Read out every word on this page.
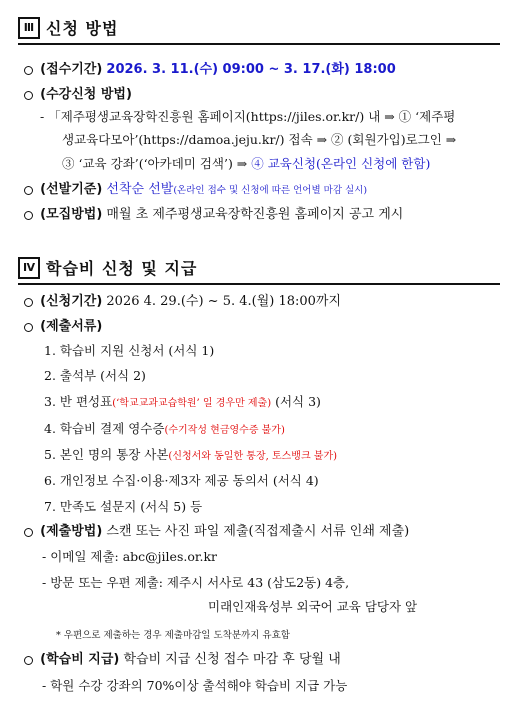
Ⅲ 신청 방법
(접수기간) 2026. 3. 11.(수) 09:00 ~ 3. 17.(화) 18:00
(수강신청 방법)
- 「제주평생교육장학진흥원 홈페이지(https://jiles.or.kr/) 내 ⇒ ① ‘제주평
생교육다모아’(https://damoa.jeju.kr/) 접속 ⇒ ② (회원가입)로그인 ⇒
③ ‘교육 강좌’(‘아카데미 검색’) ⇒ ④ 교육신청(온라인 신청에 한함)
(선발기준) 선착순 선발(온라인 접수 및 신청에 따른 언어별 마감 실시)
(모집방법) 매월 초 제주평생교육장학진흥원 홈페이지 공고 게시
Ⅳ 학습비 신청 및 지급
(신청기간) 2026 4. 29.(수) ~ 5. 4.(월) 18:00까지
(제출서류)
1. 학습비 지원 신청서 (서식 1)
2. 출석부 (서식 2)
3. 반 편성표(‘학교교과교습학원’ 일 경우만 제출) (서식 3)
4. 학습비 결제 영수증(수기작성 현금영수증 불가)
5. 본인 명의 통장 사본(신청서와 동일한 통장, 토스뱅크 불가)
6. 개인정보 수집·이용·제3자 제공 동의서 (서식 4)
7. 만족도 설문지 (서식 5) 등
(제출방법) 스캔 또는 사진 파일 제출(직접제출시 서류 인쇄 제출)
- 이메일 제출: abc@jiles.or.kr
- 방문 또는 우편 제출: 제주시 서사로 43 (삼도2동) 4층,
미래인재육성부 외국어 교육 담당자 앞
* 우편으로 제출하는 경우 제출마감일 도착분까지 유효함
(학습비 지급) 학습비 지급 신청 접수 마감 후 당월 내
- 학원 수강 강좌의 70%이상 출석해야 학습비 지급 가능
